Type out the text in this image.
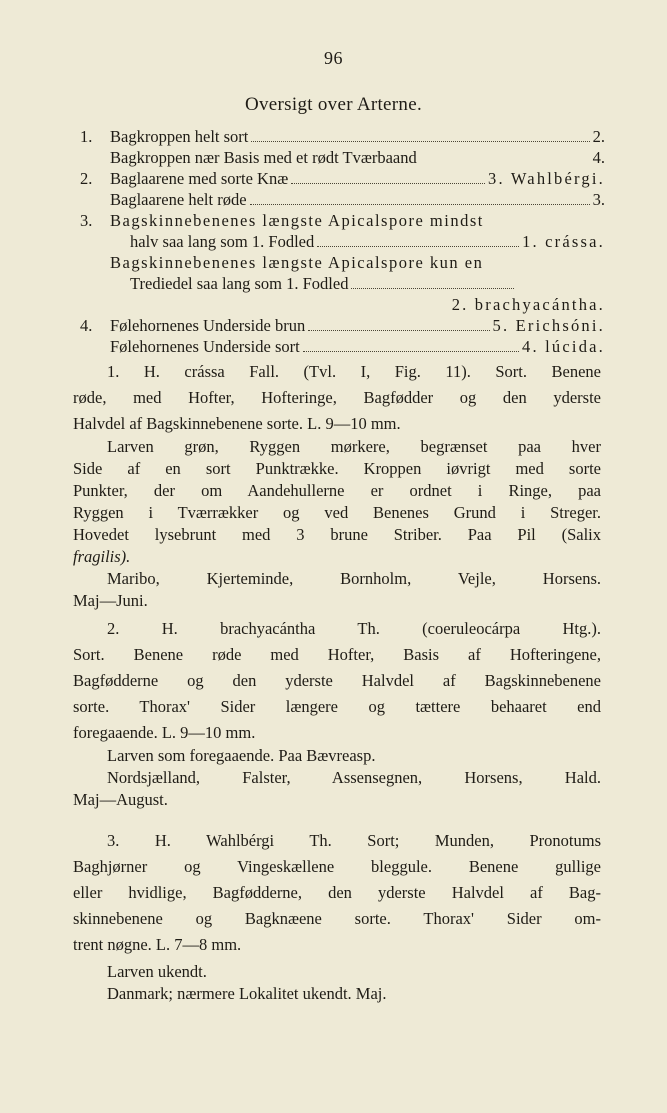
96
Oversigt over Arterne.
1. Bagkroppen helt sort	2.
Bagkroppen nær Basis med et rødt Tværbaand	4.
2. Baglaarene med sorte Knæ	3. Wahlbérgi.
Baglaarene helt røde	3.
3. Bagskinnebenenes længste Apicalspore mindst
halv saa lang som 1. Fodled	1. crássa.
Bagskinnebenenes længste Apicalspore kun en
Trediedel saa lang som 1. Fodled
2. brachyacántha.
4. Følehornenes Underside brun	5. Erichsóni.
Følehornenes Underside sort	4. lúcida.
1. H. crássa Fall. (Tvl. I, Fig. 11). Sort. Benene
røde, med Hofter, Hofteringe, Bagfødder og den yderste
Halvdel af Bagskinnebenene sorte. L. 9—10 mm.
Larven grøn, Ryggen mørkere, begrænset paa hver
Side af en sort Punktrække. Kroppen iøvrigt med sorte
Punkter, der om Aandehullerne er ordnet i Ringe, paa
Ryggen i Tværrækker og ved Benenes Grund i Streger.
Hovedet lysebrunt med 3 brune Striber. Paa Pil (Salix
fragilis).
Maribo, Kjerteminde, Bornholm, Vejle, Horsens.
Maj—Juni.
2. H. brachyacántha Th. (coeruleocárpa Htg.).
Sort. Benene røde med Hofter, Basis af Hofteringene,
Bagfødderne og den yderste Halvdel af Bagskinnebenene
sorte. Thorax' Sider længere og tættere behaaret end
foregaaende. L. 9—10 mm.
Larven som foregaaende. Paa Bævreasp.
Nordsjælland, Falster, Assensegnen, Horsens, Hald.
Maj—August.
3. H. Wahlbérgi Th. Sort; Munden, Pronotums
Baghjørner og Vingeskællene bleggule. Benene gullige
eller hvidlige, Bagfødderne, den yderste Halvdel af Bag-
skinnebenene og Bagknæene sorte. Thorax' Sider om-
trent nøgne. L. 7—8 mm.
Larven ukendt.
Danmark; nærmere Lokalitet ukendt. Maj.
